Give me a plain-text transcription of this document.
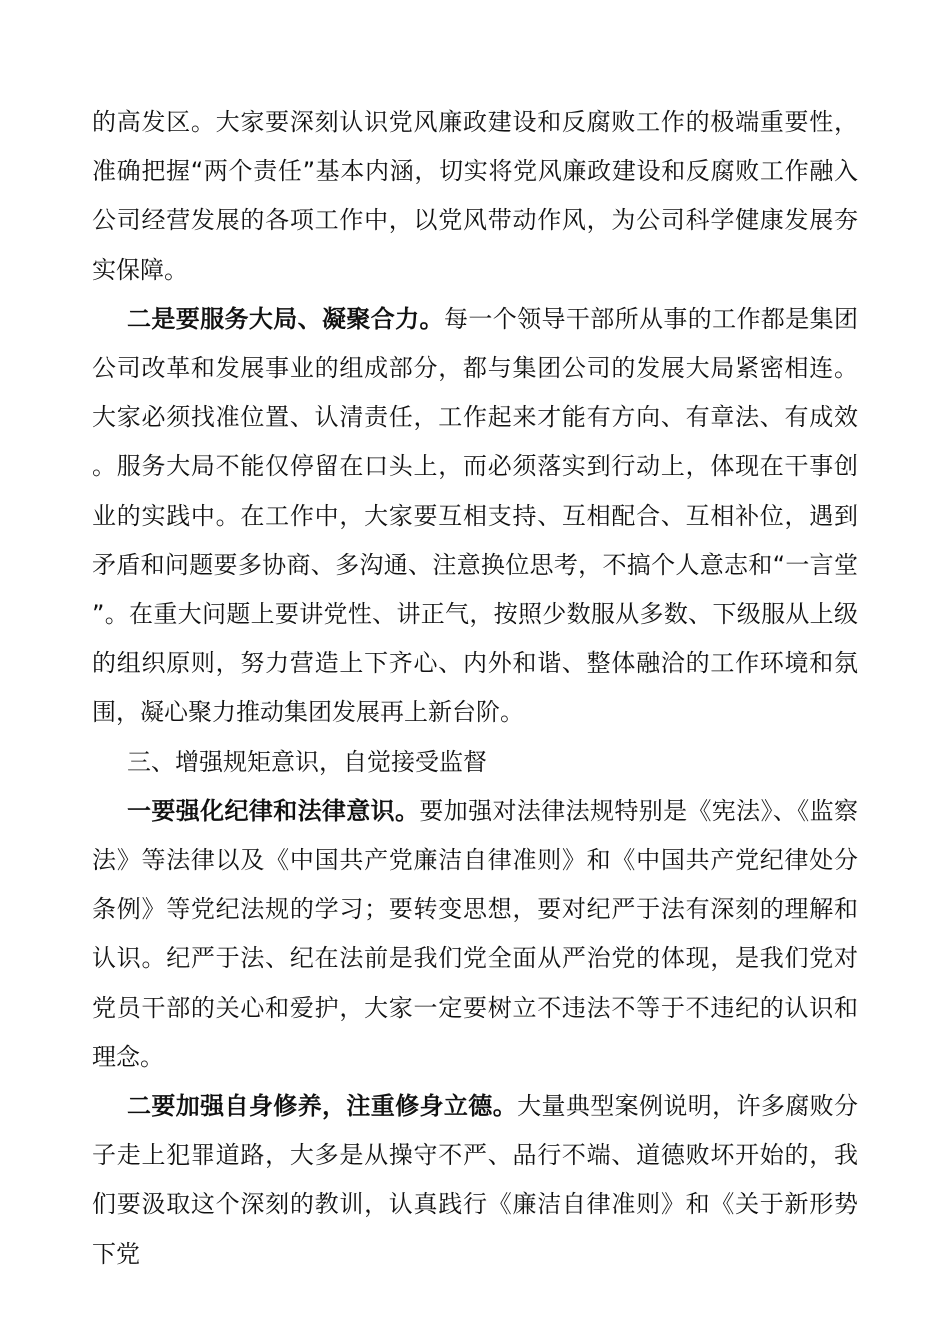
的高发区。大家要深刻认识党风廉政建设和反腐败工作的极端重要性，准确把握“两个责任”基本内涵，切实将党风廉政建设和反腐败工作融入公司经营发展的各项工作中，以党风带动作风，为公司科学健康发展夯实保障。

二是要服务大局、凝聚合力。每一个领导干部所从事的工作都是集团公司改革和发展事业的组成部分，都与集团公司的发展大局紧密相连。大家必须找准位置、认清责任，工作起来才能有方向、有章法、有成效。服务大局不能仅停留在口头上，而必须落实到行动上，体现在干事创业的实践中。在工作中，大家要互相支持、互相配合、互相补位，遇到矛盾和问题要多协商、多沟通、注意换位思考，不搞个人意志和“一言堂”。在重大问题上要讲党性、讲正气，按照少数服从多数、下级服从上级的组织原则，努力营造上下齐心、内外和谐、整体融洽的工作环境和氛围，凝心聚力推动集团发展再上新台阶。

三、增强规矩意识，自觉接受监督

一要强化纪律和法律意识。要加强对法律法规特别是《宪法》、《监察法》等法律以及《中国共产党廉洁自律准则》和《中国共产党纪律处分条例》等党纪法规的学习；要转变思想，要对纪严于法有深刻的理解和认识。纪严于法、纪在法前是我们党全面从严治党的体现，是我们党对党员干部的关心和爱护，大家一定要树立不违法不等于不违纪的认识和理念。

二要加强自身修养，注重修身立德。大量典型案例说明，许多腐败分子走上犯罪道路，大多是从操守不严、品行不端、道德败坏开始的，我们要汲取这个深刻的教训，认真践行《廉洁自律准则》和《关于新形势下党
